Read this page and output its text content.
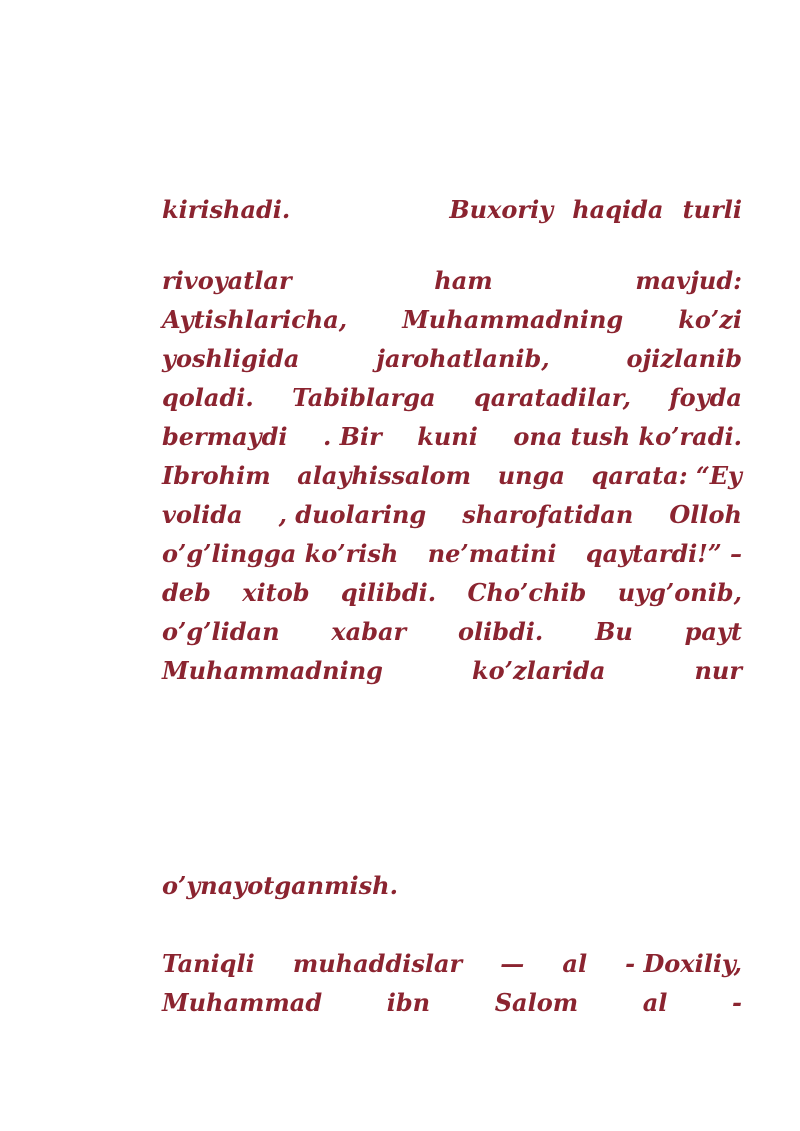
kirishadi.	Buxoriy haqida turli
rivoyatlar	ham	mavjud:
Aytishlaricha, Muhammadning ko’zi
yoshligida	jarohatlanib,	ojizlanib
qoladi. Tabiblarga qaratadilar, foyda
bermaydi . Bir kuni ona tush ko’radi.
Ibrohim alayhissalom unga qarata: “Ey
volida , duolaring sharofatidan Olloh
o’g’lingga ko’rish ne’matini qaytardi!” –
deb xitob qilibdi. Cho’chib uyg’onib,
o’g’lidan xabar olibdi. Bu payt
Muhammadning	ko’zlarida	nur
o’ynayotganmish.
Taniqli muhaddislar — al - Doxiliy,
Muhammad	ibn	Salom	al	-
